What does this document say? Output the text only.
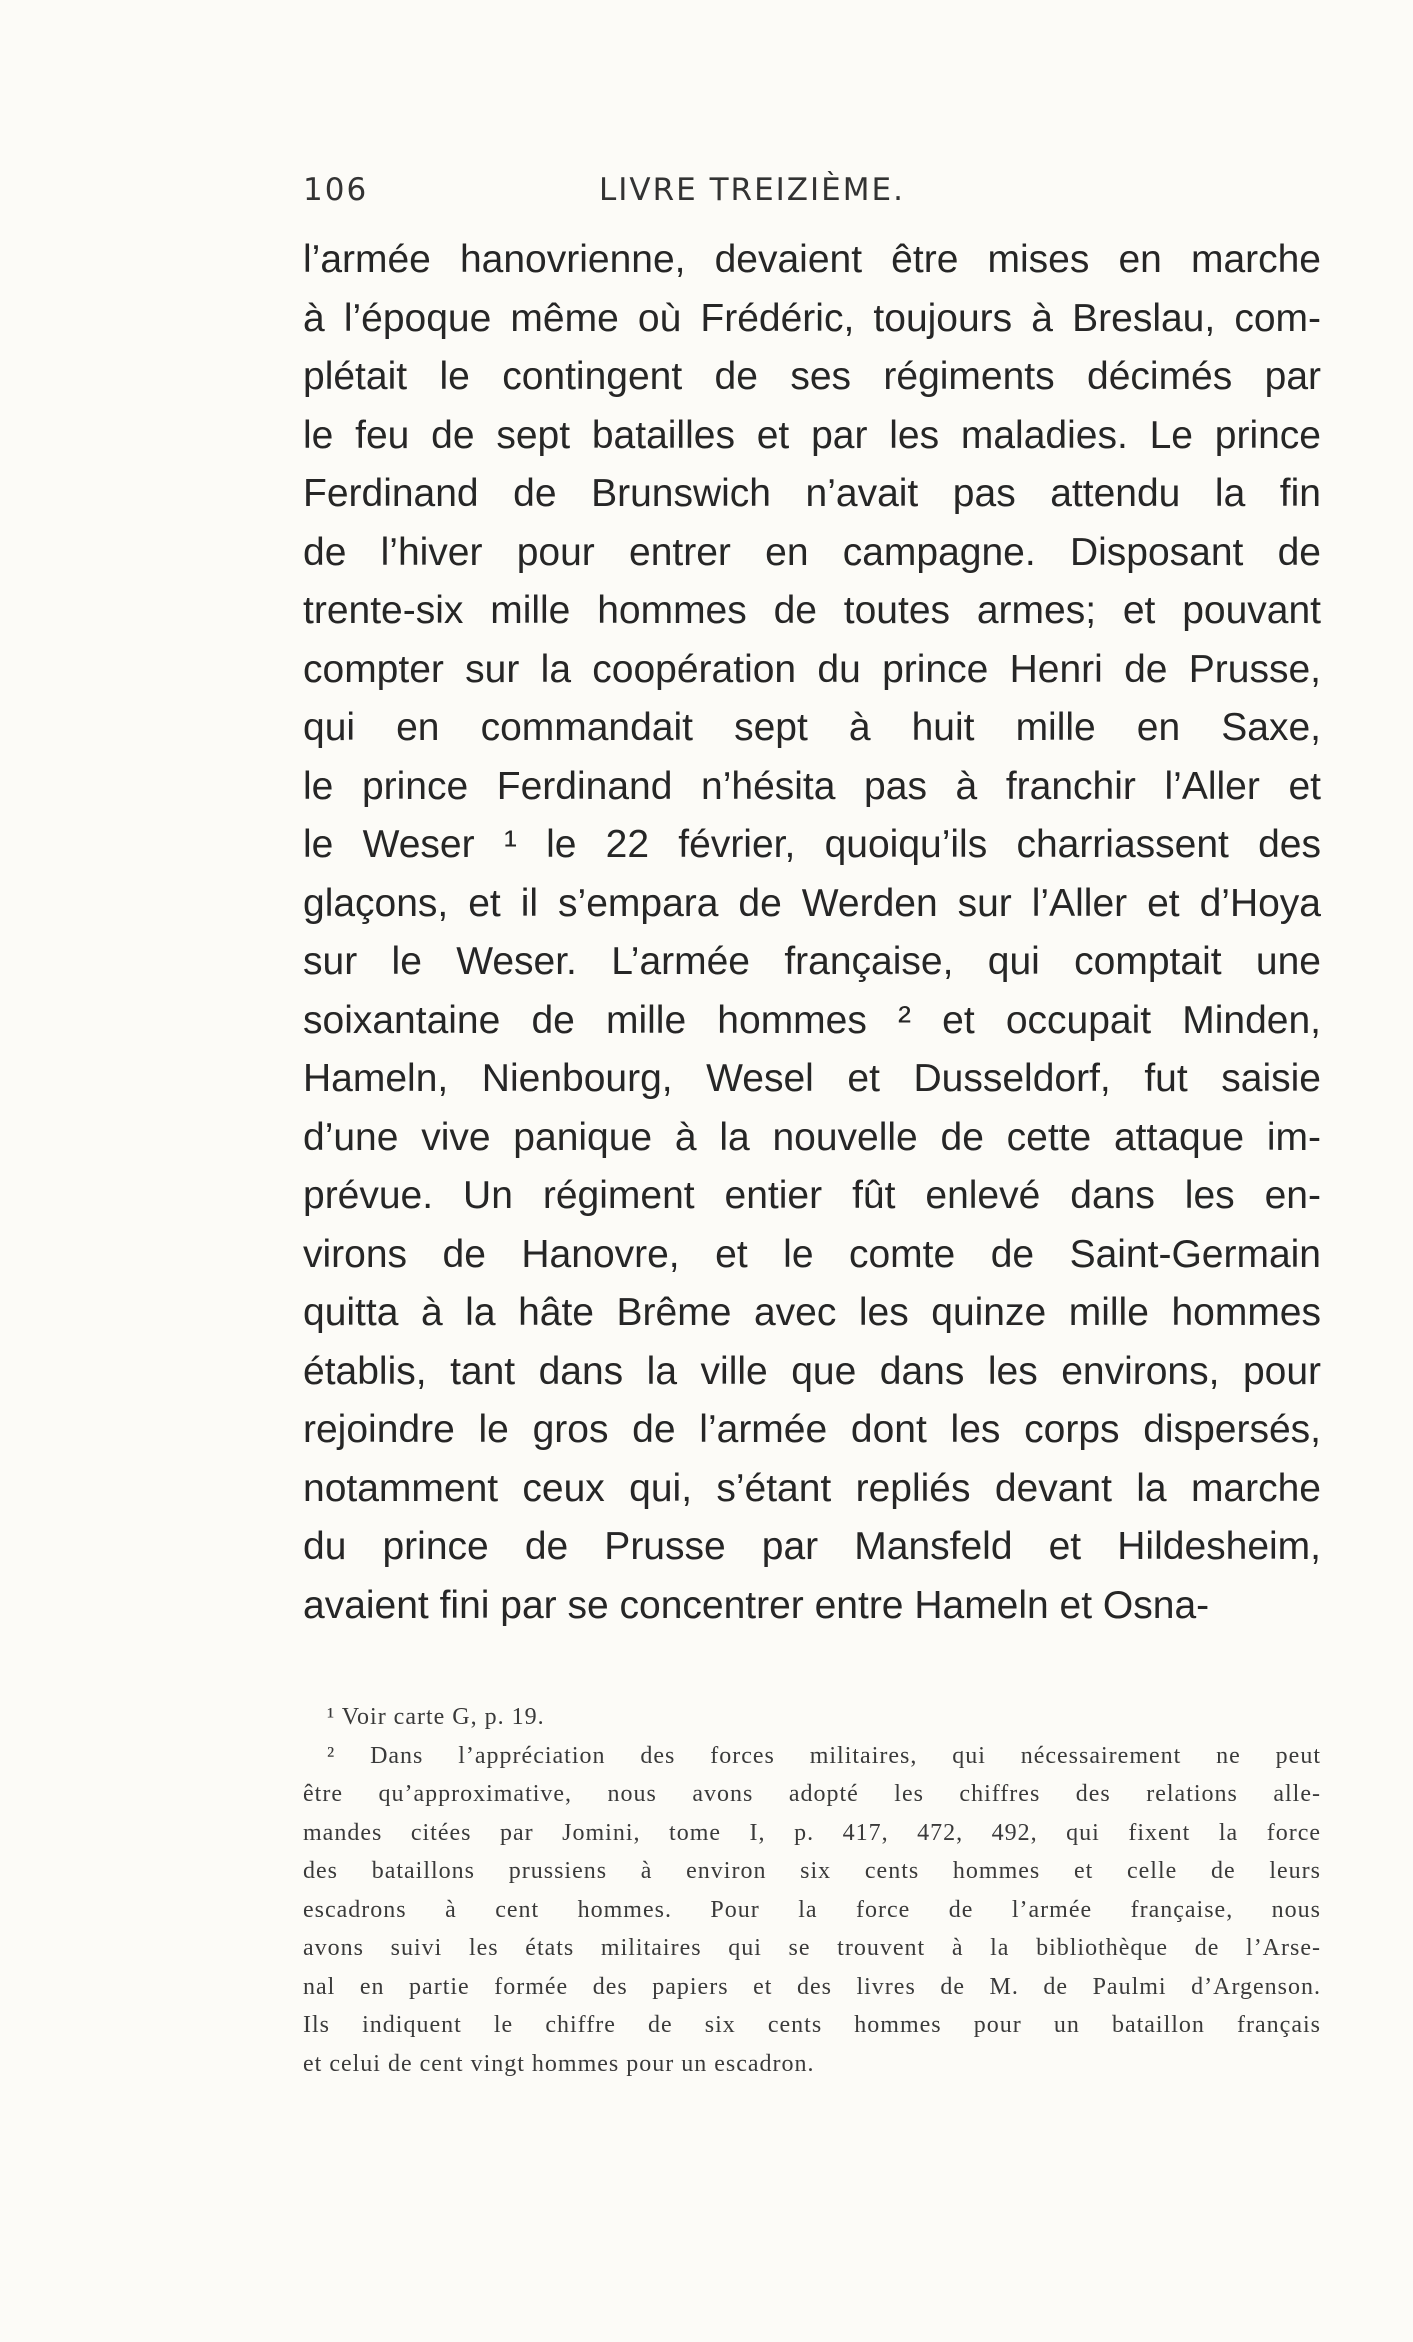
106	LIVRE TREIZIÈME.
l’armée hanovrienne, devaient être mises en marche
à l’époque même où Frédéric, toujours à Breslau, com-
plétait le contingent de ses régiments décimés par
le feu de sept batailles et par les maladies. Le prince
Ferdinand de Brunswich n’avait pas attendu la fin
de l’hiver pour entrer en campagne. Disposant de
trente-six mille hommes de toutes armes; et pouvant
compter sur la coopération du prince Henri de Prusse,
qui en commandait sept à huit mille en Saxe,
le prince Ferdinand n’hésita pas à franchir l’Aller et
le Weser ¹ le 22 février, quoiqu’ils charriassent des
glaçons, et il s’empara de Werden sur l’Aller et d’Hoya
sur le Weser. L’armée française, qui comptait une
soixantaine de mille hommes ² et occupait Minden,
Hameln, Nienbourg, Wesel et Dusseldorf, fut saisie
d’une vive panique à la nouvelle de cette attaque im-
prévue. Un régiment entier fût enlevé dans les en-
virons de Hanovre, et le comte de Saint-Germain
quitta à la hâte Brême avec les quinze mille hommes
établis, tant dans la ville que dans les environs, pour
rejoindre le gros de l’armée dont les corps dispersés,
notamment ceux qui, s’étant repliés devant la marche
du prince de Prusse par Mansfeld et Hildesheim,
avaient fini par se concentrer entre Hameln et Osna-
¹ Voir carte G, p. 19.
² Dans l’appréciation des forces militaires, qui nécessairement ne peut
être qu’approximative, nous avons adopté les chiffres des relations alle-
mandes citées par Jomini, tome I, p. 417, 472, 492, qui fixent la force
des bataillons prussiens à environ six cents hommes et celle de leurs
escadrons à cent hommes. Pour la force de l’armée française, nous
avons suivi les états militaires qui se trouvent à la bibliothèque de l’Arse-
nal en partie formée des papiers et des livres de M. de Paulmi d’Argenson.
Ils indiquent le chiffre de six cents hommes pour un bataillon français
et celui de cent vingt hommes pour un escadron.
